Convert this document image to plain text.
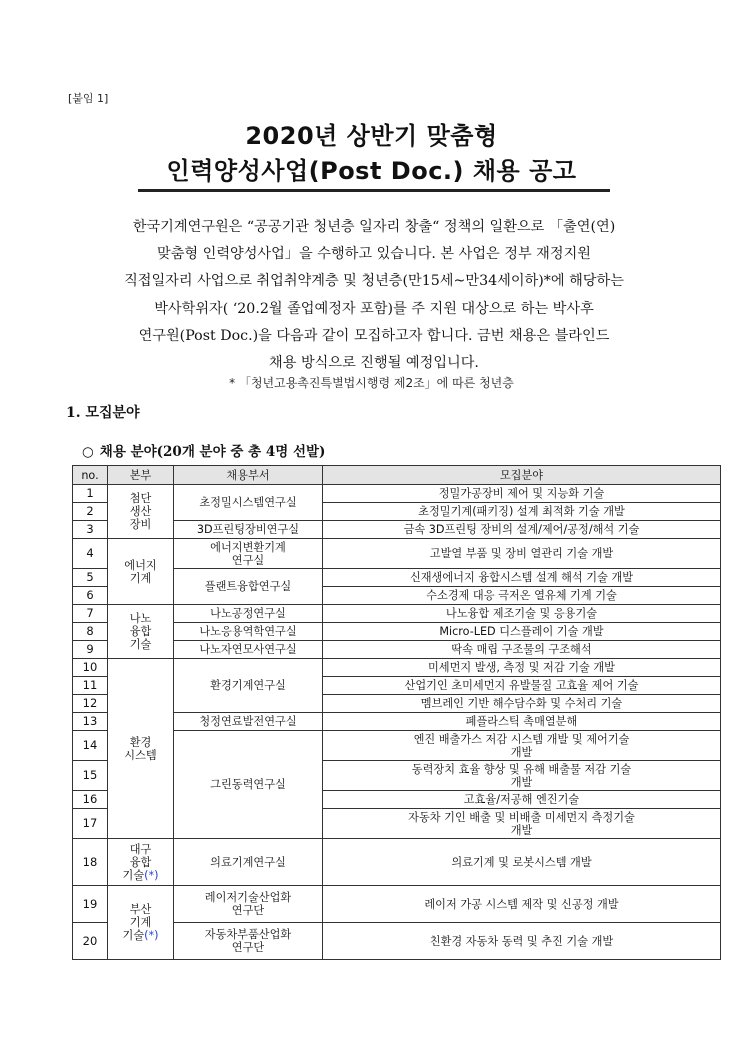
[붙임 1]
2020년 상반기 맞춤형
인력양성사업(Post Doc.) 채용 공고

한국기계연구원은 “공공기관 청년층 일자리 창출“ 정책의 일환으로 「출연(연)

맞춤형 인력양성사업」을 수행하고 있습니다. 본 사업은 정부 재정지원

직접일자리 사업으로 취업취약계층 및 청년층(만15세~만34세이하)*에 해당하는

박사학위자( ‘20.2월 졸업예정자 포함)를 주 지원 대상으로 하는 박사후

연구원(Post Doc.)을 다음과 같이 모집하고자 합니다. 금번 채용은 블라인드

채용 방식으로 진행될 예정입니다.

* 「청년고용촉진특별법시행령 제2조」에 따른 청년층
1. 모집분야
○ 채용 분야(20개 분야 중 총 4명 선발)
no.	본부	채용부서	모집분야
1	첨단
생산
장비	초정밀시스템연구실	정밀가공장비 제어 및 지능화 기술
2			초정밀기계(패키징) 설계 최적화 기술 개발
3		3D프린팅장비연구실	금속 3D프린팅 장비의 설계/제어/공정/해석 기술
4	에너지
기계	에너지변환기계
연구실	고발열 부품 및 장비 열관리 기술 개발
5		플랜트융합연구실	신재생에너지 융합시스템 설계 해석 기술 개발
6			수소경제 대응 극저온 열유체 기계 기술
7	나노
융합
기술	나노공정연구실	나노융합 제조기술 및 응용기술
8		나노응용역학연구실	Micro-LED 디스플레이 기술 개발
9		나노자연모사연구실	딱속 매립 구조물의 구조해석
10	환경
시스템	환경기계연구실	미세먼지 발생, 측정 및 저감 기술 개발
11			산업기인 초미세먼지 유발물질 고효율 제어 기술
12			멤브레인 기반 해수담수화 및 수처리 기술
13		청정연료발전연구실	폐플라스틱 촉매열분해
14		그린동력연구실	엔진 배출가스 저감 시스템 개발 및 제어기술
개발
15			동력장치 효율 향상 및 유해 배출물 저감 기술
개발
16			고효율/저공해 엔진기술
17			자동차 기인 배출 및 비배출 미세먼지 측정기술
개발
18	대구
융합
기술(*)	의료기계연구실	의료기계 및 로봇시스템 개발
19	부산
기계
기술(*)	레이저기술산업화
연구단	레이저 가공 시스템 제작 및 신공정 개발
20		자동차부품산업화
연구단	친환경 자동차 동력 및 추진 기술 개발
